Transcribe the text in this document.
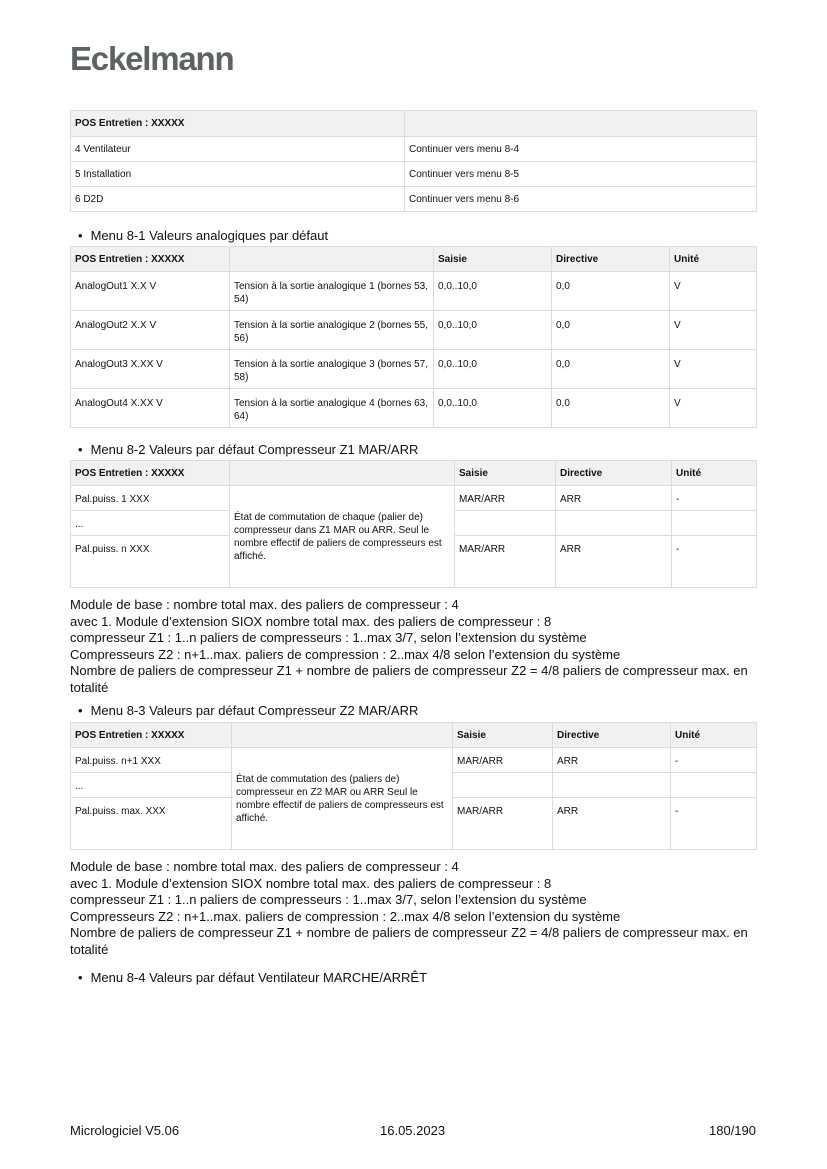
Eckelmann
POS Entretien : XXXXX	
4 Ventilateur	Continuer vers menu 8-4
5 Installation	Continuer vers menu 8-5
6 D2D	Continuer vers menu 8-6
• Menu 8-1 Valeurs analogiques par défaut
POS Entretien : XXXXX		Saisie	Directive	Unité
AnalogOut1 X.X V	Tension à la sortie analogique 1 (bornes 53, 54)	0,0..10,0	0,0	V
AnalogOut2 X.X V	Tension à la sortie analogique 2 (bornes 55, 56)	0,0..10,0	0,0	V
AnalogOut3 X.XX V	Tension à la sortie analogique 3 (bornes 57, 58)	0,0..10,0	0,0	V
AnalogOut4 X.XX V	Tension à la sortie analogique 4 (bornes 63, 64)	0,0..10,0	0,0	V
• Menu 8-2 Valeurs par défaut Compresseur Z1 MAR/ARR
POS Entretien : XXXXX		Saisie	Directive	Unité
Pal.puiss. 1 XXX	État de commutation de chaque (palier de) compresseur dans Z1 MAR ou ARR. Seul le nombre effectif de paliers de compresseurs est affiché.	MAR/ARR	ARR	-
...				
Pal.puiss. n XXX		MAR/ARR	ARR	-
Module de base : nombre total max. des paliers de compresseur : 4
avec 1. Module d’extension SIOX nombre total max. des paliers de compresseur : 8
compresseur Z1 : 1..n paliers de compresseurs : 1..max 3/7, selon l’extension du système
Compresseurs Z2 : n+1..max. paliers de compression : 2..max 4/8 selon l’extension du système
Nombre de paliers de compresseur Z1 + nombre de paliers de compresseur Z2 = 4/8 paliers de compresseur max. en totalité
• Menu 8-3 Valeurs par défaut Compresseur Z2 MAR/ARR
POS Entretien : XXXXX		Saisie	Directive	Unité
Pal.puiss. n+1 XXX	État de commutation des (paliers de) compresseur en Z2 MAR ou ARR Seul le nombre effectif de paliers de compresseurs est affiché.	MAR/ARR	ARR	-
...				
Pal.puiss. max. XXX		MAR/ARR	ARR	-
Module de base : nombre total max. des paliers de compresseur : 4
avec 1. Module d’extension SIOX nombre total max. des paliers de compresseur : 8
compresseur Z1 : 1..n paliers de compresseurs : 1..max 3/7, selon l’extension du système
Compresseurs Z2 : n+1..max. paliers de compression : 2..max 4/8 selon l’extension du système
Nombre de paliers de compresseur Z1 + nombre de paliers de compresseur Z2 = 4/8 paliers de compresseur max. en totalité
• Menu 8-4 Valeurs par défaut Ventilateur MARCHE/ARRÊT
Micrologiciel V5.06	16.05.2023	180/190
